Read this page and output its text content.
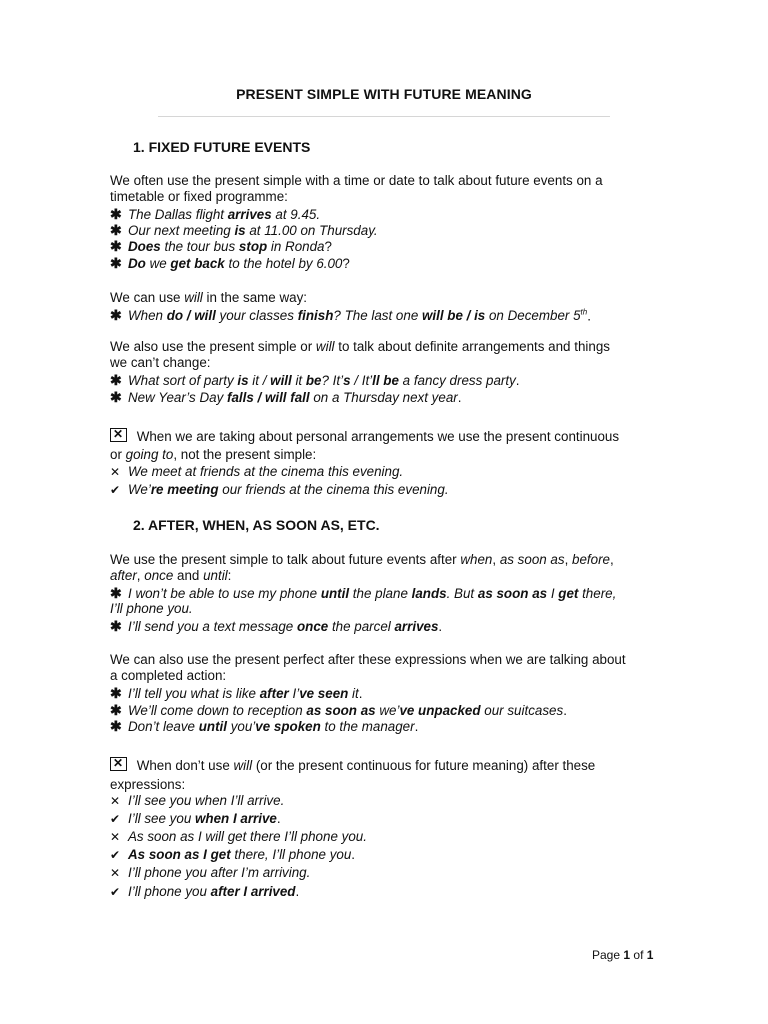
PRESENT SIMPLE WITH FUTURE MEANING
1. FIXED FUTURE EVENTS
We often use the present simple with a time or date to talk about future events on a
timetable or fixed programme:
✱ The Dallas flight arrives at 9.45.
✱ Our next meeting is at 11.00 on Thursday.
✱ Does the tour bus stop in Ronda?
✱ Do we get back to the hotel by 6.00?
We can use will in the same way:
✱ When do / will your classes finish? The last one will be / is on December 5th.
We also use the present simple or will to talk about definite arrangements and things
we can’t change:
✱ What sort of party is it / will it be? It’s / It’ll be a fancy dress party.
✱ New Year’s Day falls / will fall on a Thursday next year.
✕ When we are taking about personal arrangements we use the present continuous
or going to, not the present simple:
✕ We meet at friends at the cinema this evening.
✔ We’re meeting our friends at the cinema this evening.
2. AFTER, WHEN, AS SOON AS, ETC.
We use the present simple to talk about future events after when, as soon as, before,
after, once and until:
✱ I won’t be able to use my phone until the plane lands. But as soon as I get there,
I’ll phone you.
✱ I’ll send you a text message once the parcel arrives.
We can also use the present perfect after these expressions when we are talking about
a completed action:
✱ I’ll tell you what is like after I’ve seen it.
✱ We’ll come down to reception as soon as we’ve unpacked our suitcases.
✱ Don’t leave until you’ve spoken to the manager.
✕ When don’t use will (or the present continuous for future meaning) after these
expressions:
✕ I’ll see you when I’ll arrive.
✔ I’ll see you when I arrive.
✕ As soon as I will get there I’ll phone you.
✔ As soon as I get there, I’ll phone you.
✕ I’ll phone you after I’m arriving.
✔ I’ll phone you after I arrived.
Page 1 of 1
